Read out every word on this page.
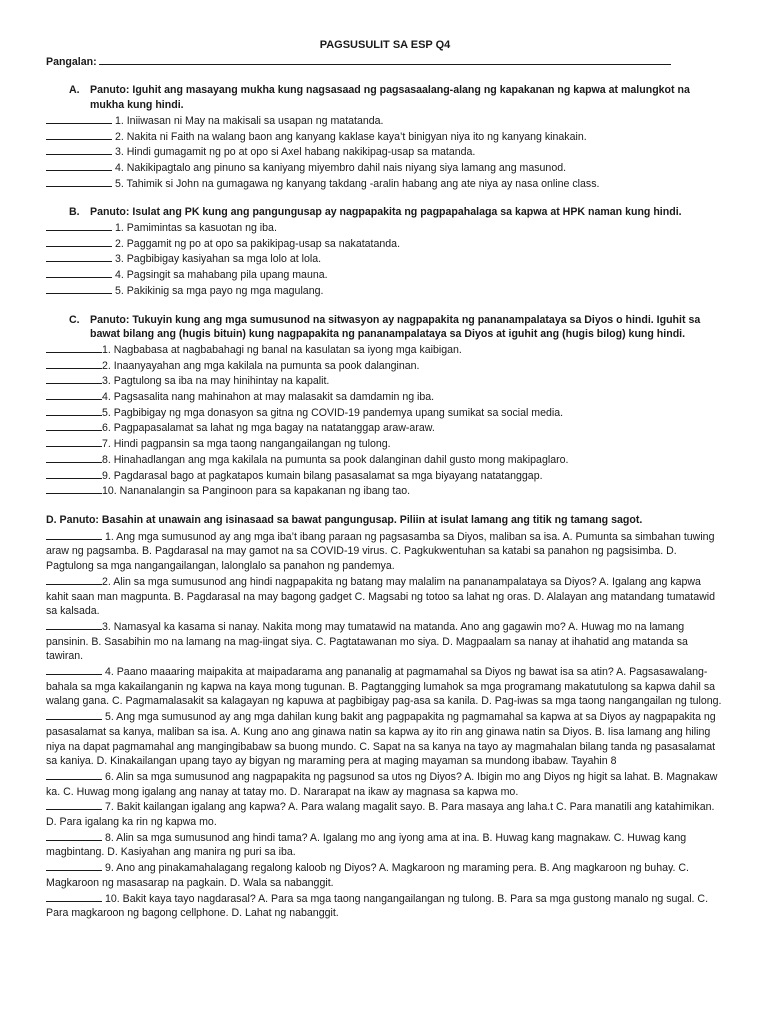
PAGSUSULIT SA ESP Q4
Pangalan:
A. Panuto: Iguhit ang masayang mukha kung nagsasaad ng pagsasaalang-alang ng kapakanan ng kapwa at malungkot na mukha kung hindi.
1. Iniiwasan ni May na makisali sa usapan ng matatanda.
2. Nakita ni Faith na walang baon ang kanyang kaklase kaya’t binigyan niya ito ng kanyang kinakain.
3. Hindi gumagamit ng po at opo si Axel habang nakikipag-usap sa matanda.
4. Nakikipagtalo ang pinuno sa kaniyang miyembro dahil nais niyang siya lamang ang masunod.
5. Tahimik si John na gumagawa ng kanyang takdang -aralin habang ang ate niya ay nasa online class.
B. Panuto: Isulat ang PK kung ang pangungusap ay nagpapakita ng pagpapahalaga sa kapwa at HPK naman kung hindi.
1. Pamimintas sa kasuotan ng iba.
2. Paggamit ng po at opo sa pakikipag-usap sa nakatatanda.
3. Pagbibigay kasiyahan sa mga lolo at lola.
4. Pagsingit sa mahabang pila upang mauna.
5. Pakikinig sa mga payo ng mga magulang.
C. Panuto: Tukuyin kung ang mga sumusunod na sitwasyon ay nagpapakita ng pananampalataya sa Diyos o hindi. Iguhit sa bawat bilang ang (hugis bituin) kung nagpapakita ng pananampalataya sa Diyos at iguhit ang (hugis bilog) kung hindi.
1. Nagbabasa at nagbabahagi ng banal na kasulatan sa iyong mga kaibigan.
2. Inaanyayahan ang mga kakilala na pumunta sa pook dalanginan.
3. Pagtulong sa iba na may hinihintay na kapalit.
4. Pagsasalita nang mahinahon at may malasakit sa damdamin ng iba.
5. Pagbibigay ng mga donasyon sa gitna ng COVID-19 pandemya upang sumikat sa social media.
6. Pagpapasalamat sa lahat ng mga bagay na natatanggap araw-araw.
7. Hindi pagpansin sa mga taong nangangailangan ng tulong.
8. Hinahadlangan ang mga kakilala na pumunta sa pook dalanginan dahil gusto mong makipaglaro.
9. Pagdarasal bago at pagkatapos kumain bilang pasasalamat sa mga biyayang natatanggap.
10. Nananalangin sa Panginoon para sa kapakanan ng ibang tao.
D. Panuto: Basahin at unawain ang isinasaad sa bawat pangungusap. Piliin at isulat lamang ang titik ng tamang sagot.
1. Ang mga sumusunod ay ang mga iba’t ibang paraan ng pagsasamba sa Diyos, maliban sa isa. A. Pumunta sa simbahan tuwing araw ng pagsamba. B. Pagdarasal na may gamot na sa COVID-19 virus. C. Pagkukwentuhan sa katabi sa panahon ng pagsisimba. D. Pagtulong sa mga nangangailangan, lalonglalo sa panahon ng pandemya.
2. Alin sa mga sumusunod ang hindi nagpapakita ng batang may malalim na pananampalataya sa Diyos? A. Igalang ang kapwa kahit saan man magpunta. B. Pagdarasal na may bagong gadget C. Magsabi ng totoo sa lahat ng oras. D. Alalayan ang matandang tumatawid sa kalsada.
3. Namasyal ka kasama si nanay. Nakita mong may tumatawid na matanda. Ano ang gagawin mo? A. Huwag mo na lamang pansinin. B. Sasabihin mo na lamang na mag-iingat siya. C. Pagtatawanan mo siya. D. Magpaalam sa nanay at ihahatid ang matanda sa tawiran.
4. Paano maaaring maipakita at maipadarama ang pananalig at pagmamahal sa Diyos ng bawat isa sa atin? A. Pagsasawalang-bahala sa mga kakailanganin ng kapwa na kaya mong tugunan. B. Pagtangging lumahok sa mga programang makatutulong sa kapwa dahil sa walang gana. C. Pagmamalasakit sa kalagayan ng kapuwa at pagbibigay pag-asa sa kanila. D. Pag-iwas sa mga taong nangangailan ng tulong.
5. Ang mga sumusunod ay ang mga dahilan kung bakit ang pagpapakita ng pagmamahal sa kapwa at sa Diyos ay nagpapakita ng pasasalamat sa kanya, maliban sa isa. A. Kung ano ang ginawa natin sa kapwa ay ito rin ang ginawa natin sa Diyos. B. Iisa lamang ang hiling niya na dapat pagmamahal ang mangingibabaw sa buong mundo. C. Sapat na sa kanya na tayo ay magmahalan bilang tanda ng pasasalamat sa kaniya. D. Kinakailangan upang tayo ay bigyan ng maraming pera at maging mayaman sa mundong ibabaw. Tayahin 8
6. Alin sa mga sumusunod ang nagpapakita ng pagsunod sa utos ng Diyos? A. Ibigin mo ang Diyos ng higit sa lahat. B. Magnakaw ka. C. Huwag mong igalang ang nanay at tatay mo. D. Nararapat na ikaw ay magnasa sa kapwa mo.
7. Bakit kailangan igalang ang kapwa? A. Para walang magalit sayo. B. Para masaya ang laha.t C. Para manatili ang katahimikan. D. Para igalang ka rin ng kapwa mo.
8. Alin sa mga sumusunod ang hindi tama? A. Igalang mo ang iyong ama at ina. B. Huwag kang magnakaw. C. Huwag kang magbintang. D. Kasiyahan ang manira ng puri sa iba.
9. Ano ang pinakamahalagang regalong kaloob ng Diyos? A. Magkaroon ng maraming pera. B. Ang magkaroon ng buhay. C. Magkaroon ng masasarap na pagkain. D. Wala sa nabanggit.
10. Bakit kaya tayo nagdarasal? A. Para sa mga taong nangangailangan ng tulong. B. Para sa mga gustong manalo ng sugal. C. Para magkaroon ng bagong cellphone. D. Lahat ng nabanggit.
